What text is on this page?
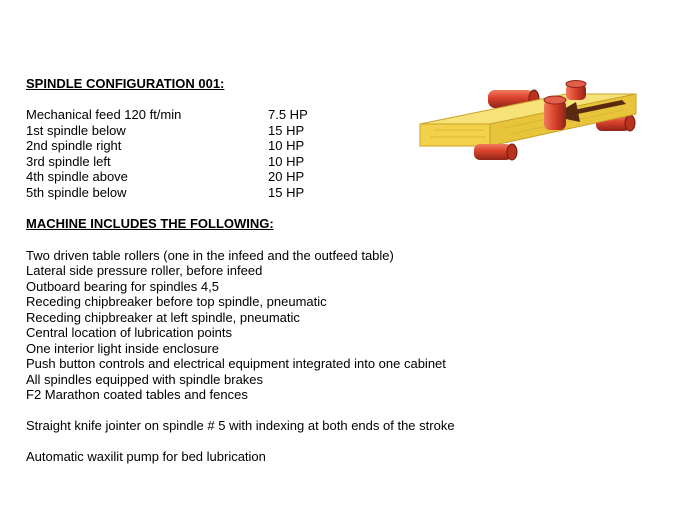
SPINDLE CONFIGURATION 001:
Mechanical feed 120 ft/min	7.5 HP
1st spindle below	15 HP
2nd spindle right	10 HP
3rd spindle left	10 HP
4th spindle above	20 HP
5th spindle below	15 HP
MACHINE INCLUDES THE FOLLOWING:
Two driven table rollers (one in the infeed and the outfeed table)
Lateral side pressure roller, before infeed
Outboard bearing for spindles 4,5
Receding chipbreaker before top spindle, pneumatic
Receding chipbreaker at left spindle, pneumatic
Central location of lubrication points
One interior light inside enclosure
Push button controls and electrical equipment integrated into one cabinet
All spindles equipped with spindle brakes
F2 Marathon coated tables and fences
Straight knife jointer on spindle # 5 with indexing at both ends of the stroke
Automatic waxilit pump for bed lubrication
